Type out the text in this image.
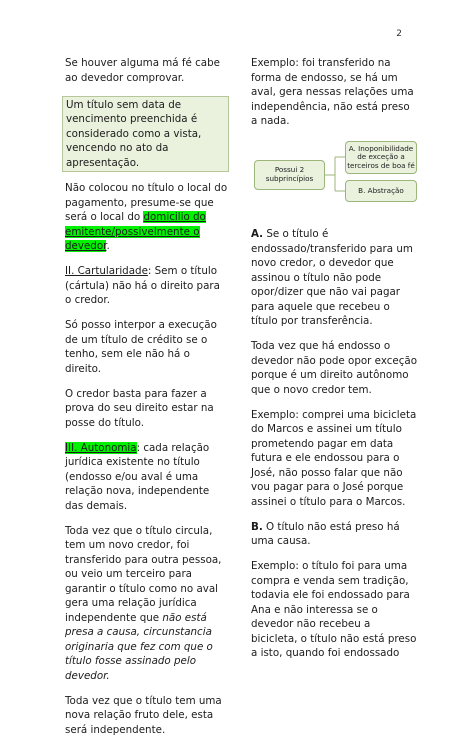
2

Se houver alguma má fé cabe ao devedor comprovar.

Um título sem data de vencimento preenchida é considerado como a vista, vencendo no ato da apresentação.

Não colocou no título o local do pagamento, presume-se que será o local do domicilio do emitente/possivelmente o devedor.

II. Cartularidade: Sem o título (cártula) não há o direito para o credor.

Só posso interpor a execução de um título de crédito se o tenho, sem ele não há o direito.

O credor basta para fazer a prova do seu direito estar na posse do título.

III. Autonomia: cada relação jurídica existente no título (endosso e/ou aval é uma relação nova, independente das demais.

Toda vez que o título circula, tem um novo credor, foi transferido para outra pessoa, ou veio um terceiro para garantir o título como no aval gera uma relação jurídica independente que não está presa a causa, circunstancia originaria que fez com que o título fosse assinado pelo devedor.

Toda vez que o título tem uma nova relação fruto dele, esta será independente.

Exemplo: foi transferido na forma de endosso, se há um aval, gera nessas relações uma independência, não está preso a nada.

Possui 2 subprincípios
A. Inoponibilidade de exceção a terceiros de boa fé
B. Abstração

A. Se o título é endossado/transferido para um novo credor, o devedor que assinou o título não pode opor/dizer que não vai pagar para aquele que recebeu o título por transferência.

Toda vez que há endosso o devedor não pode opor exceção porque é um direito autônomo que o novo credor tem.

Exemplo: comprei uma bicicleta do Marcos e assinei um título prometendo pagar em data futura e ele endossou para o José, não posso falar que não vou pagar para o José porque assinei o título para o Marcos.

B. O título não está preso há uma causa.

Exemplo: o título foi para uma compra e venda sem tradição, todavia ele foi endossado para Ana e não interessa se o devedor não recebeu a bicicleta, o título não está preso a isto, quando foi endossado
